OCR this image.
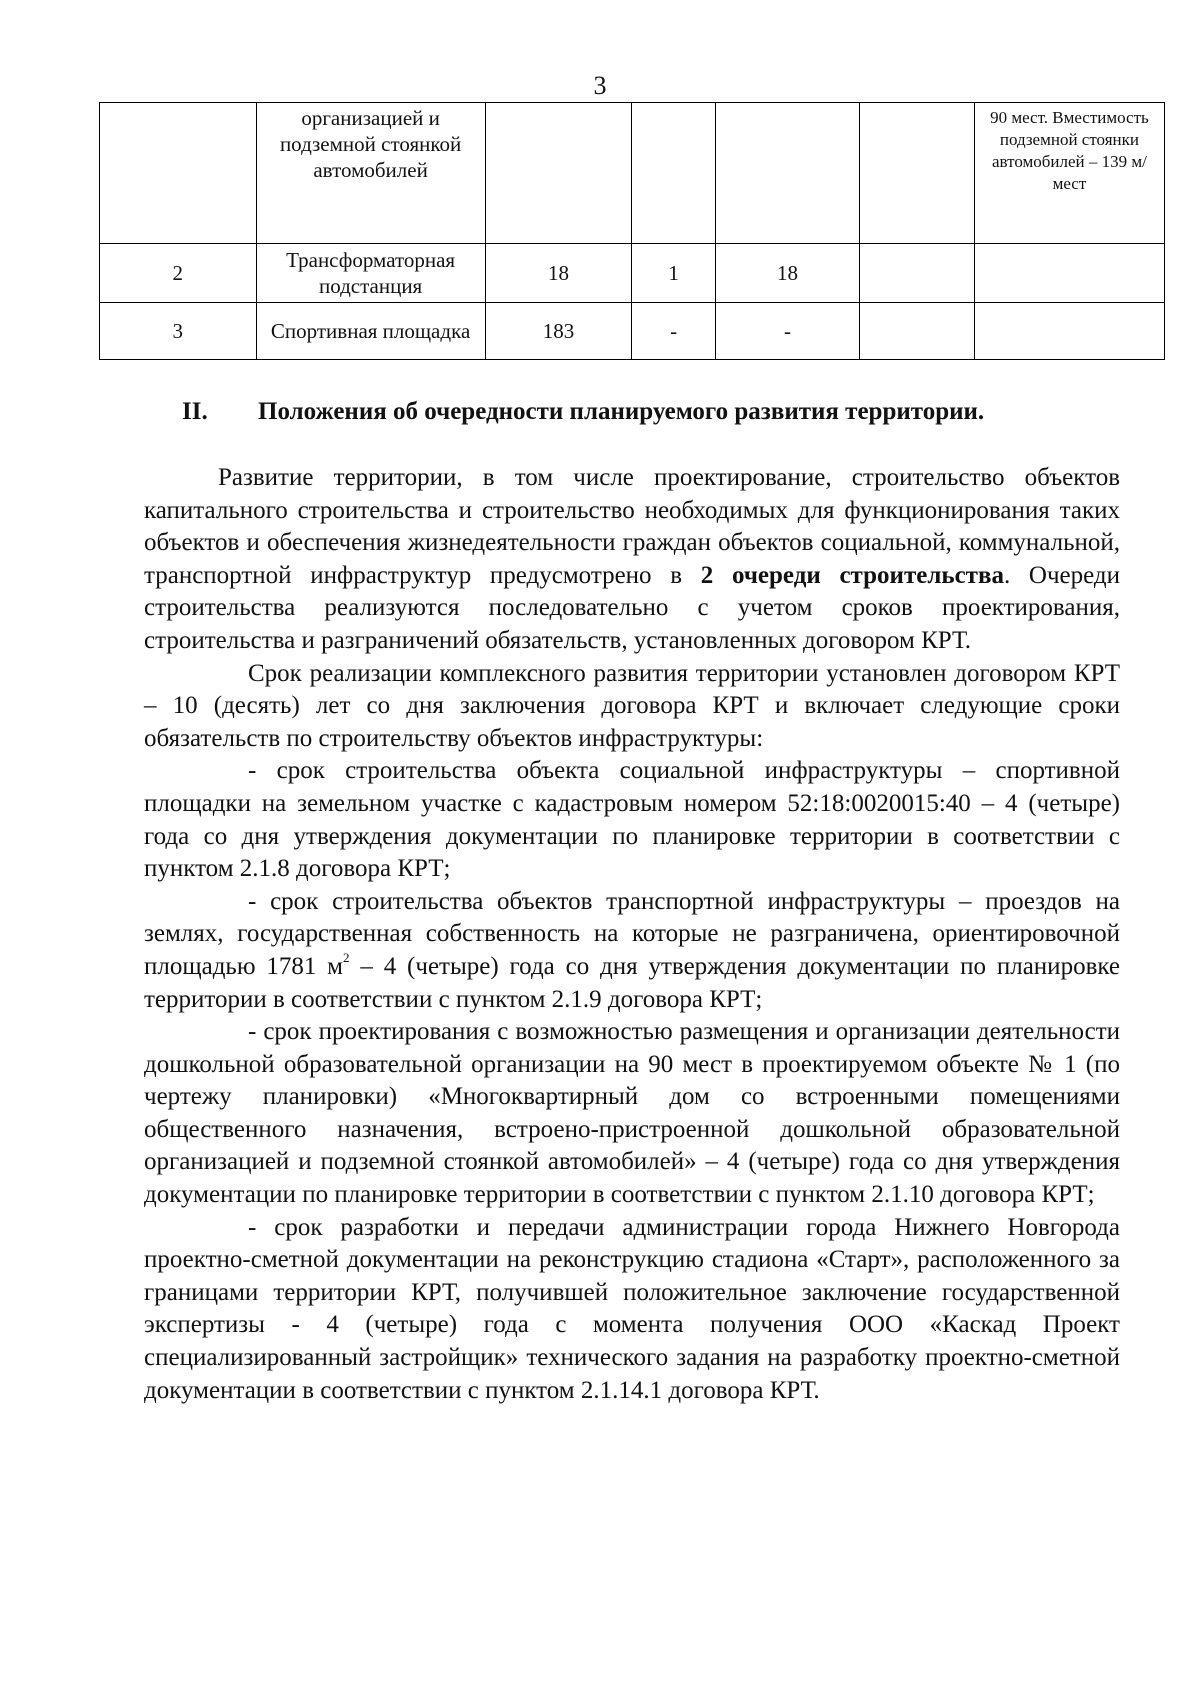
3
	организацией и подземной стоянкой автомобилей					90 мест. Вместимость подземной стоянки автомобилей – 139 м/мест
2	Трансформаторная подстанция	18	1	18		
3	Спортивная площадка	183	-	-		
II. Положения об очередности планируемого развития территории.

Развитие территории, в том числе проектирование, строительство объектов капитального строительства и строительство необходимых для функционирования таких объектов и обеспечения жизнедеятельности граждан объектов социальной, коммунальной, транспортной инфраструктур предусмотрено в 2 очереди строительства. Очереди строительства реализуются последовательно с учетом сроков проектирования, строительства и разграничений обязательств, установленных договором КРТ.

Срок реализации комплексного развития территории установлен договором КРТ – 10 (десять) лет со дня заключения договора КРТ и включает следующие сроки обязательств по строительству объектов инфраструктуры:

- срок строительства объекта социальной инфраструктуры – спортивной площадки на земельном участке с кадастровым номером 52:18:0020015:40 – 4 (четыре) года со дня утверждения документации по планировке территории в соответствии с пунктом 2.1.8 договора КРТ;

- срок строительства объектов транспортной инфраструктуры – проездов на землях, государственная собственность на которые не разграничена, ориентировочной площадью 1781 $м^2 - 4$ (четыре) года со дня утверждения документации по планировке территории в соответствии с пунктом 2.1.9 договора КРТ;

- срок проектирования с возможностью размещения и организации деятельности дошкольной образовательной организации на 90 мест в проектируемом объекте № 1 (по чертежу планировки) «Многоквартирный дом со встроенными помещениями общественного назначения, встроено-пристроенной дошкольной образовательной организацией и подземной стоянкой автомобилей» – 4 (четыре) года со дня утверждения документации по планировке территории в соответствии с пунктом 2.1.10 договора КРТ;

- срок разработки и передачи администрации города Нижнего Новгорода проектно-сметной документации на реконструкцию стадиона «Старт», расположенного за границами территории КРТ, получившей положительное заключение государственной экспертизы - 4 (четыре) года с момента получения ООО «Каскад Проект специализированный застройщик» технического задания на разработку проектно-сметной документации в соответствии с пунктом 2.1.14.1 договора КРТ.
